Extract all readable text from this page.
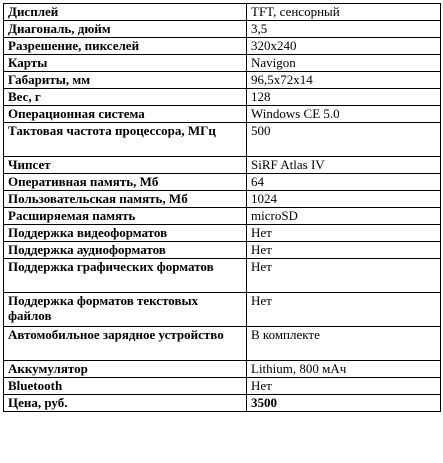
Дисплей	TFT, сенсорный
Диагональ, дюйм	3,5
Разрешение, пикселей	320x240
Карты	Navigon
Габариты, мм	96,5x72x14
Вес, г	128
Операционная система	Windows CE 5.0
Тактовая частота процессора, МГц	500
Чипсет	SiRF Atlas IV
Оперативная память, Мб	64
Пользовательская память, Мб	1024
Расширяемая память	microSD
Поддержка видеоформатов	Нет
Поддержка аудиоформатов	Нет
Поддержка графических форматов	Нет
Поддержка форматов текстовых файлов	Нет
Автомобильное зарядное устройство	В комплекте
Аккумулятор	Lithium, 800 мАч
Bluetooth	Нет
Цена, руб.	3500
